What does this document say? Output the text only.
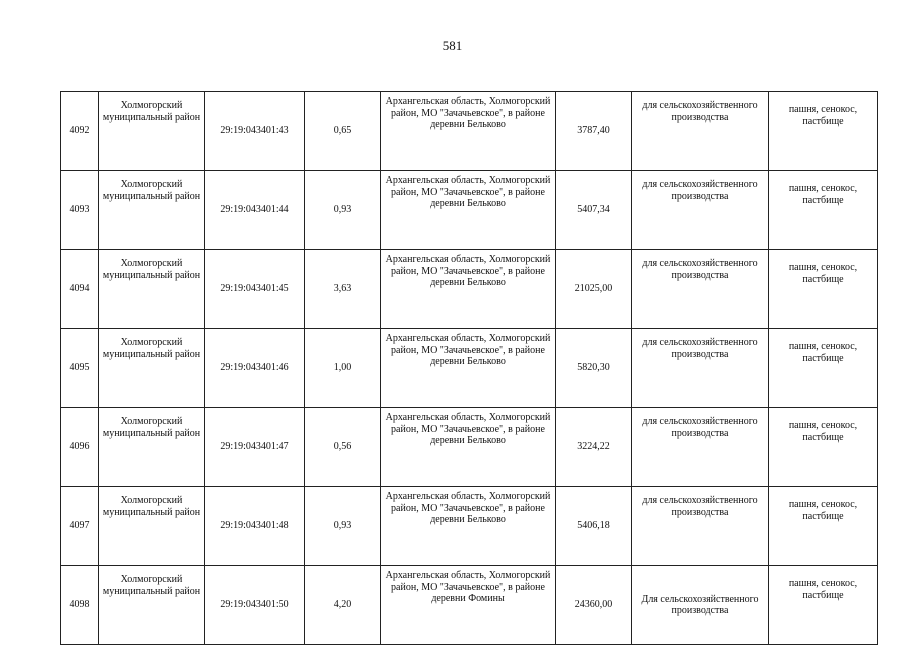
581
4092	Холмогорский муниципальный район	29:19:043401:43	0,65	Архангельская область, Холмогорский район, МО "Зачачьевское", в районе деревни Бельково	3787,40	для сельскохозяйственного производства	пашня, сенокос, пастбище
4093	Холмогорский муниципальный район	29:19:043401:44	0,93	Архангельская область, Холмогорский район, МО "Зачачьевское", в районе деревни Бельково	5407,34	для сельскохозяйственного производства	пашня, сенокос, пастбище
4094	Холмогорский муниципальный район	29:19:043401:45	3,63	Архангельская область, Холмогорский район, МО "Зачачьевское", в районе деревни Бельково	21025,00	для сельскохозяйственного производства	пашня, сенокос, пастбище
4095	Холмогорский муниципальный район	29:19:043401:46	1,00	Архангельская область, Холмогорский район, МО "Зачачьевское", в районе деревни Бельково	5820,30	для сельскохозяйственного производства	пашня, сенокос, пастбище
4096	Холмогорский муниципальный район	29:19:043401:47	0,56	Архангельская область, Холмогорский район, МО "Зачачьевское", в районе деревни Бельково	3224,22	для сельскохозяйственного производства	пашня, сенокос, пастбище
4097	Холмогорский муниципальный район	29:19:043401:48	0,93	Архангельская область, Холмогорский район, МО "Зачачьевское", в районе деревни Бельково	5406,18	для сельскохозяйственного производства	пашня, сенокос, пастбище
4098	Холмогорский муниципальный район	29:19:043401:50	4,20	Архангельская область, Холмогорский район, МО "Зачачьевское", в районе деревни Фомины	24360,00	Для сельскохозяйственного производства	пашня, сенокос, пастбище
